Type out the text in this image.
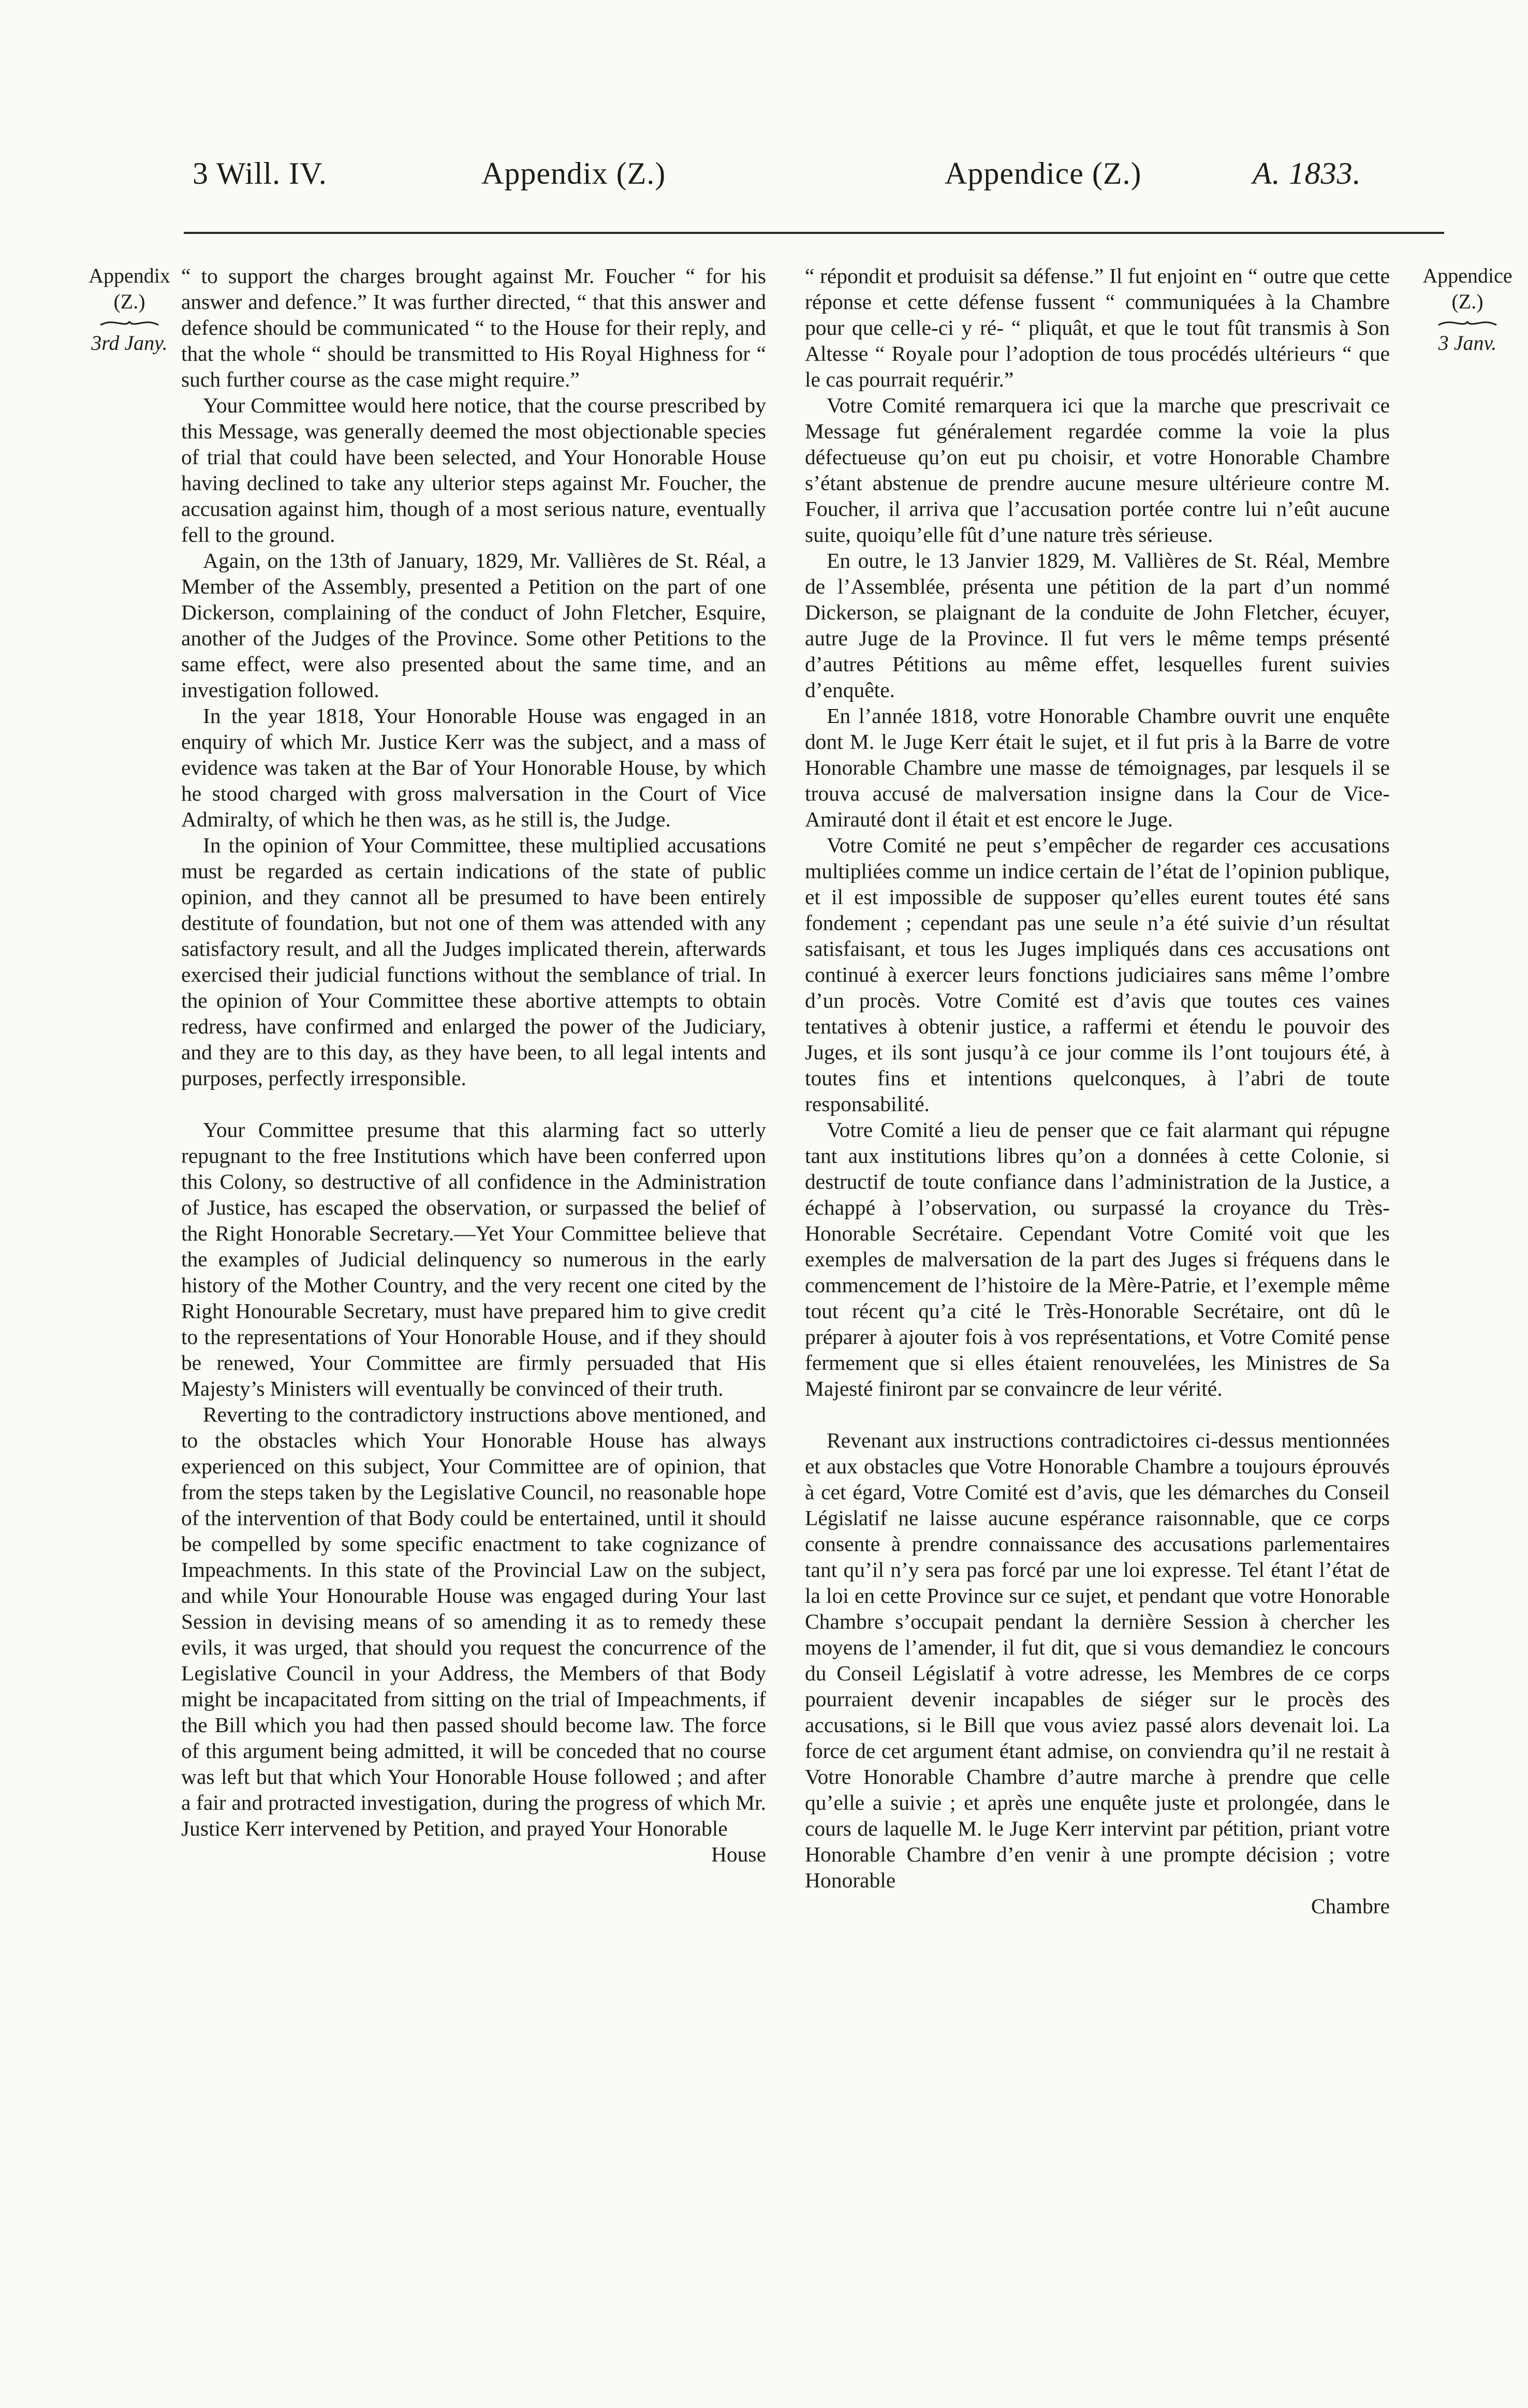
3 Will. IV.	Appendix (Z.)	Appendice (Z.)	A. 1833.
Appendix
(Z.)
3rd Jany.
Appendice
(Z.)
3 Janv.

“ to support the charges brought against Mr. Foucher “ for his answer and defence.” It was further directed, “ that this answer and defence should be communicated “ to the House for their reply, and that the whole “ should be transmitted to His Royal Highness for “ such further course as the case might require.”

Your Committee would here notice, that the course prescribed by this Message, was generally deemed the most objectionable species of trial that could have been selected, and Your Honorable House having declined to take any ulterior steps against Mr. Foucher, the accusation against him, though of a most serious nature, eventually fell to the ground.

Again, on the 13th of January, 1829, Mr. Vallières de St. Réal, a Member of the Assembly, presented a Petition on the part of one Dickerson, complaining of the conduct of John Fletcher, Esquire, another of the Judges of the Province. Some other Petitions to the same effect, were also presented about the same time, and an investigation followed.

In the year 1818, Your Honorable House was engaged in an enquiry of which Mr. Justice Kerr was the subject, and a mass of evidence was taken at the Bar of Your Honorable House, by which he stood charged with gross malversation in the Court of Vice Admiralty, of which he then was, as he still is, the Judge.

In the opinion of Your Committee, these multiplied accusations must be regarded as certain indications of the state of public opinion, and they cannot all be presumed to have been entirely destitute of foundation, but not one of them was attended with any satisfactory result, and all the Judges implicated therein, afterwards exercised their judicial functions without the semblance of trial. In the opinion of Your Committee these abortive attempts to obtain redress, have confirmed and enlarged the power of the Judiciary, and they are to this day, as they have been, to all legal intents and purposes, perfectly irresponsible.

Your Committee presume that this alarming fact so utterly repugnant to the free Institutions which have been conferred upon this Colony, so destructive of all confidence in the Administration of Justice, has escaped the observation, or surpassed the belief of the Right Honorable Secretary.—Yet Your Committee believe that the examples of Judicial delinquency so numerous in the early history of the Mother Country, and the very recent one cited by the Right Honourable Secretary, must have prepared him to give credit to the representations of Your Honorable House, and if they should be renewed, Your Committee are firmly persuaded that His Majesty’s Ministers will eventually be convinced of their truth.

Reverting to the contradictory instructions above mentioned, and to the obstacles which Your Honorable House has always experienced on this subject, Your Committee are of opinion, that from the steps taken by the Legislative Council, no reasonable hope of the intervention of that Body could be entertained, until it should be compelled by some specific enactment to take cognizance of Impeachments. In this state of the Provincial Law on the subject, and while Your Honourable House was engaged during Your last Session in devising means of so amending it as to remedy these evils, it was urged, that should you request the concurrence of the Legislative Council in your Address, the Members of that Body might be incapacitated from sitting on the trial of Impeachments, if the Bill which you had then passed should become law. The force of this argument being admitted, it will be conceded that no course was left but that which Your Honorable House followed ; and after a fair and protracted investigation, during the progress of which Mr. Justice Kerr intervened by Petition, and prayed Your Honorable

House

“ répondit et produisit sa défense.” Il fut enjoint en “ outre que cette réponse et cette défense fussent “ communiquées à la Chambre pour que celle-ci y ré- “ pliquât, et que le tout fût transmis à Son Altesse “ Royale pour l’adoption de tous procédés ultérieurs “ que le cas pourrait requérir.”

Votre Comité remarquera ici que la marche que prescrivait ce Message fut généralement regardée comme la voie la plus défectueuse qu’on eut pu choisir, et votre Honorable Chambre s’étant abstenue de prendre aucune mesure ultérieure contre M. Foucher, il arriva que l’accusation portée contre lui n’eût aucune suite, quoiqu’elle fût d’une nature très sérieuse.

En outre, le 13 Janvier 1829, M. Vallières de St. Réal, Membre de l’Assemblée, présenta une pétition de la part d’un nommé Dickerson, se plaignant de la conduite de John Fletcher, écuyer, autre Juge de la Province. Il fut vers le même temps présenté d’autres Pétitions au même effet, lesquelles furent suivies d’enquête.

En l’année 1818, votre Honorable Chambre ouvrit une enquête dont M. le Juge Kerr était le sujet, et il fut pris à la Barre de votre Honorable Chambre une masse de témoignages, par lesquels il se trouva accusé de malversation insigne dans la Cour de Vice-Amirauté dont il était et est encore le Juge.

Votre Comité ne peut s’empêcher de regarder ces accusations multipliées comme un indice certain de l’état de l’opinion publique, et il est impossible de supposer qu’elles eurent toutes été sans fondement ; cependant pas une seule n’a été suivie d’un résultat satisfaisant, et tous les Juges impliqués dans ces accusations ont continué à exercer leurs fonctions judiciaires sans même l’ombre d’un procès. Votre Comité est d’avis que toutes ces vaines tentatives à obtenir justice, a raffermi et étendu le pouvoir des Juges, et ils sont jusqu’à ce jour comme ils l’ont toujours été, à toutes fins et intentions quelconques, à l’abri de toute responsabilité.

Votre Comité a lieu de penser que ce fait alarmant qui répugne tant aux institutions libres qu’on a données à cette Colonie, si destructif de toute confiance dans l’administration de la Justice, a échappé à l’observation, ou surpassé la croyance du Très-Honorable Secrétaire. Cependant Votre Comité voit que les exemples de malversation de la part des Juges si fréquens dans le commencement de l’histoire de la Mère-Patrie, et l’exemple même tout récent qu’a cité le Très-Honorable Secrétaire, ont dû le préparer à ajouter fois à vos représentations, et Votre Comité pense fermement que si elles étaient renouvelées, les Ministres de Sa Majesté finiront par se convaincre de leur vérité.

Revenant aux instructions contradictoires ci-dessus mentionnées et aux obstacles que Votre Honorable Chambre a toujours éprouvés à cet égard, Votre Comité est d’avis, que les démarches du Conseil Législatif ne laisse aucune espérance raisonnable, que ce corps consente à prendre connaissance des accusations parlementaires tant qu’il n’y sera pas forcé par une loi expresse. Tel étant l’état de la loi en cette Province sur ce sujet, et pendant que votre Honorable Chambre s’occupait pendant la dernière Session à chercher les moyens de l’amender, il fut dit, que si vous demandiez le concours du Conseil Législatif à votre adresse, les Membres de ce corps pourraient devenir incapables de siéger sur le procès des accusations, si le Bill que vous aviez passé alors devenait loi. La force de cet argument étant admise, on conviendra qu’il ne restait à Votre Honorable Chambre d’autre marche à prendre que celle qu’elle a suivie ; et après une enquête juste et prolongée, dans le cours de laquelle M. le Juge Kerr intervint par pétition, priant votre Honorable Chambre d’en venir à une prompte décision ; votre Honorable

Chambre
